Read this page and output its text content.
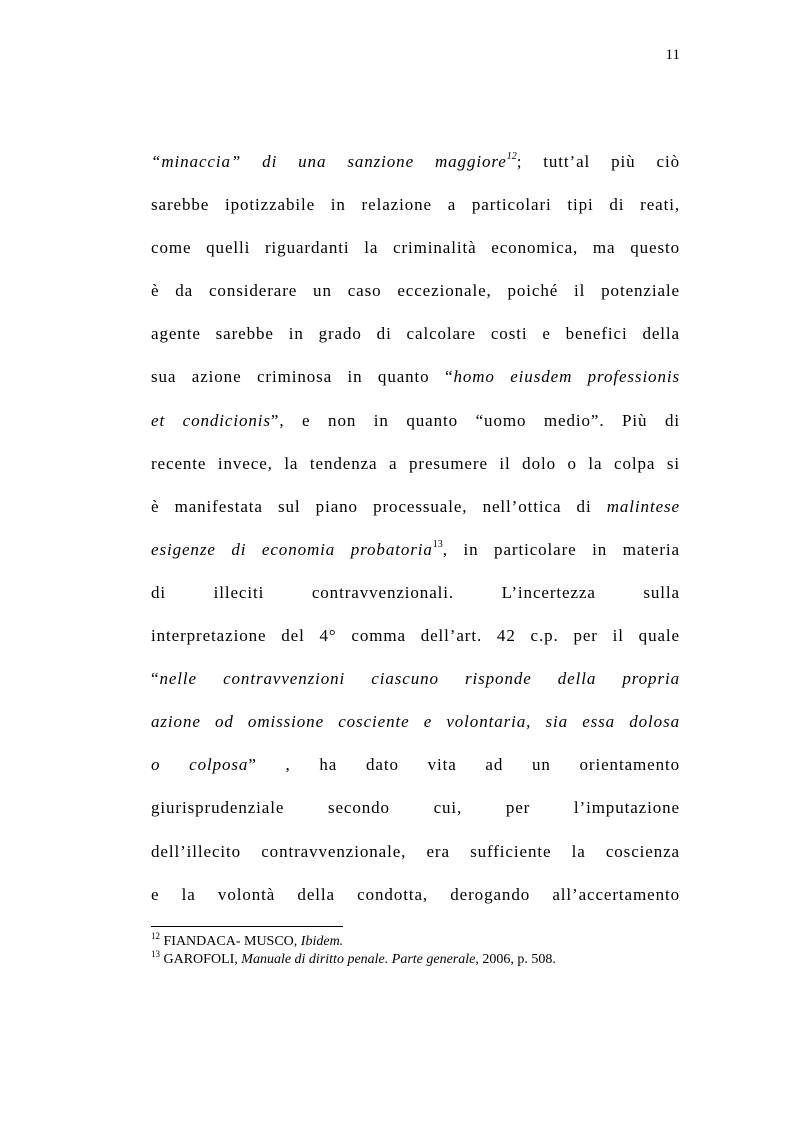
11
“minaccia” di una sanzione maggiore$^{12}$; tutt’al più ciò
sarebbe ipotizzabile in relazione a particolari tipi di reati,
come quelli riguardanti la criminalità economica, ma questo
è da considerare un caso eccezionale, poiché il potenziale
agente sarebbe in grado di calcolare costi e benefici della
sua azione criminosa in quanto “homo eiusdem professionis
et condicionis”, e non in quanto “uomo medio”. Più di
recente invece, la tendenza a presumere il dolo o la colpa si
è manifestata sul piano processuale, nell’ottica di malintese
esigenze di economia probatoria$^{13}$, in particolare in materia
di illeciti contravvenzionali. L’incertezza sulla
interpretazione del 4° comma dell’art. 42 c.p. per il quale
“nelle contravvenzioni ciascuno risponde della propria
azione od omissione cosciente e volontaria, sia essa dolosa
o colposa” , ha dato vita ad un orientamento
giurisprudenziale secondo cui, per l’imputazione
dell’illecito contravvenzionale, era sufficiente la coscienza
e la volontà della condotta, derogando all’accertamento
$^{12}$ FIANDACA- MUSCO, Ibidem.
$^{13}$ GAROFOLI, Manuale di diritto penale. Parte generale, 2006, p. 508.
